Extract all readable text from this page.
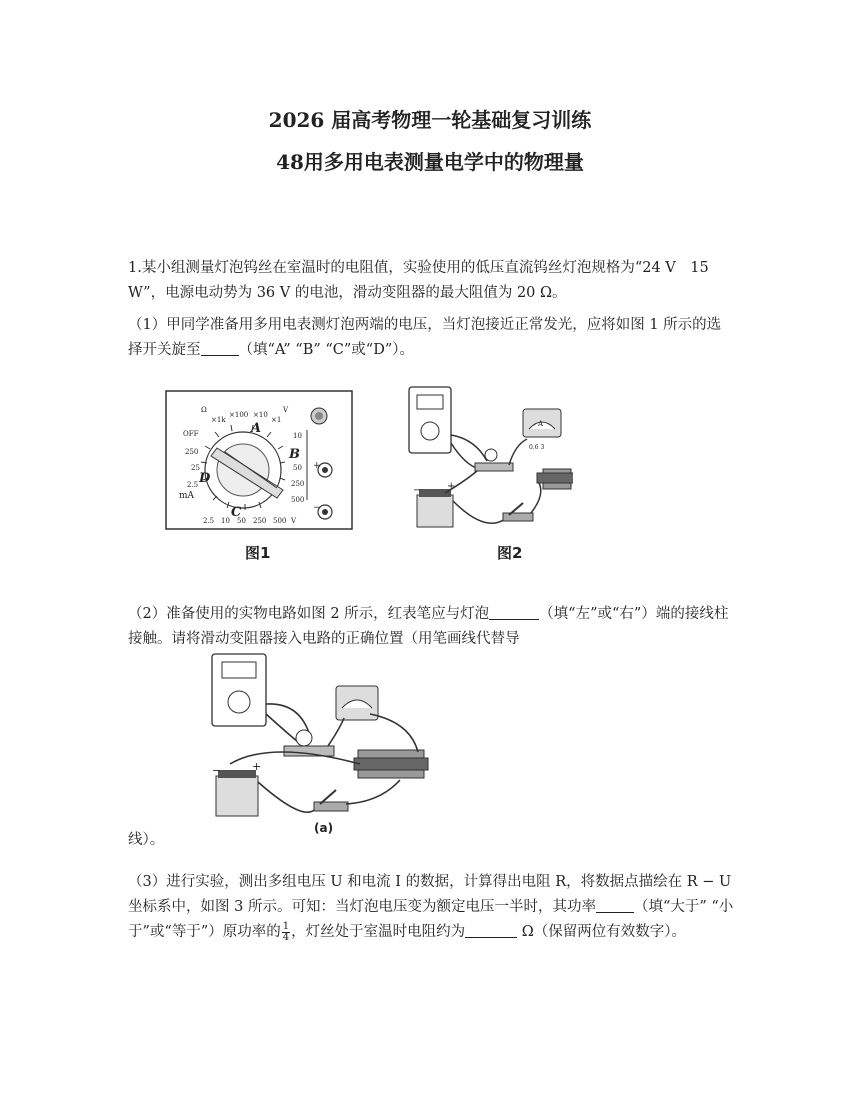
2026 届高考物理一轮基础复习训练
48用多用电表测量电学中的物理量
1.某小组测量灯泡钨丝在室温时的电阻值，实验使用的低压直流钨丝灯泡规格为“24 V　15 W”，电源电动势为 36 V 的电池，滑动变阻器的最大阻值为 20 Ω。
（1）甲同学准备用多用电表测灯泡两端的电压，当灯泡接近正常发光，应将如图 1 所示的选择开关旋至	（填“A” “B” “C”或“D”）。
Ω
×1k
×100 ×10
×1
OFF
250
25
2.5
mA
10
50
250
500
2.5 10 50 250 500 V
V
A
B
C
D
+
−
A
0.6 3
−	+
图1	图2
（2）准备使用的实物电路如图 2 所示，红表笔应与灯泡	（填“左”或“右”）端的接线柱接触。请将滑动变阻器接入电路的正确位置（用笔画线代替导
−	+
(a)
线）。
（3）进行实验，测出多组电压 U 和电流 I 的数据，计算得出电阻 R，将数据点描绘在 R − U 坐标系中，如图 3 所示。可知：当灯泡电压变为额定电压一半时，其功率	（填“大于” “小于”或“等于”）原功率的 $\frac{1}{4}$ ，灯丝处于室温时电阻约为	Ω（保留两位有效数字）。
